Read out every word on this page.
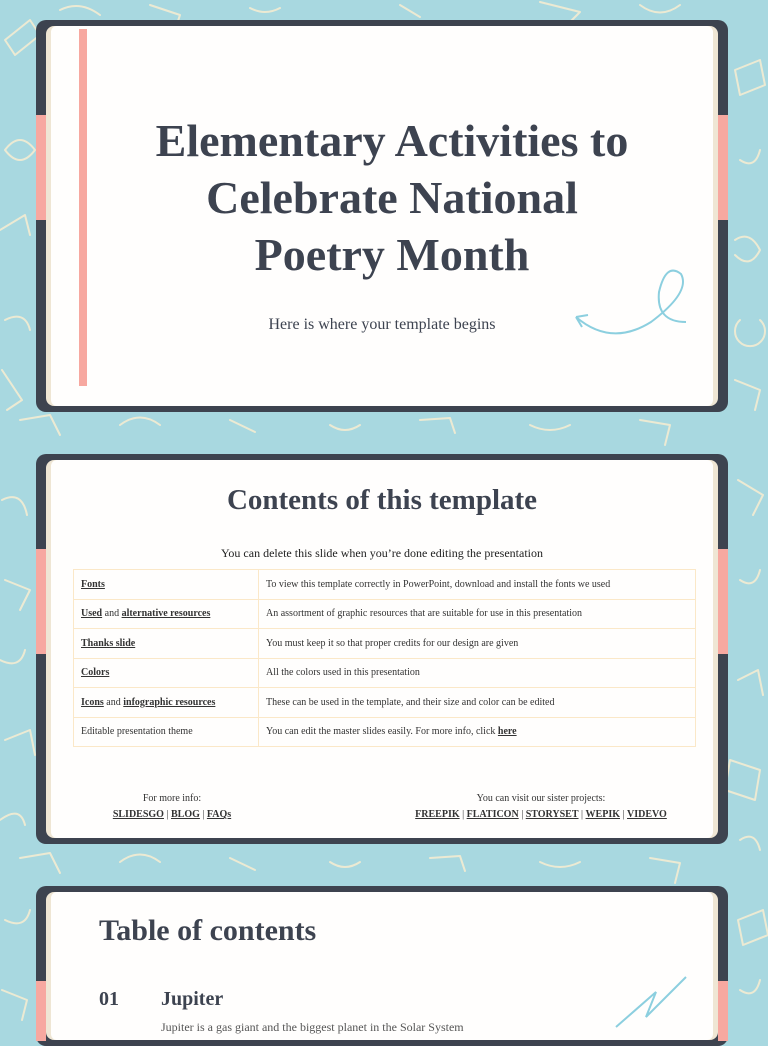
Elementary Activities to
Celebrate National
Poetry Month
Here is where your template begins
Contents of this template
You can delete this slide when you’re done editing the presentation
Fonts	To view this template correctly in PowerPoint, download and install the fonts we used
Used and alternative resources	An assortment of graphic resources that are suitable for use in this presentation
Thanks slide	You must keep it so that proper credits for our design are given
Colors	All the colors used in this presentation
Icons and infographic resources	These can be used in the template, and their size and color can be edited
Editable presentation theme	You can edit the master slides easily. For more info, click here
For more info:
SLIDESGO | BLOG | FAQs
You can visit our sister projects:
FREEPIK | FLATICON | STORYSET | WEPIK | VIDEVO
Table of contents
01 Jupiter
Jupiter is a gas giant and the biggest planet in the Solar System
